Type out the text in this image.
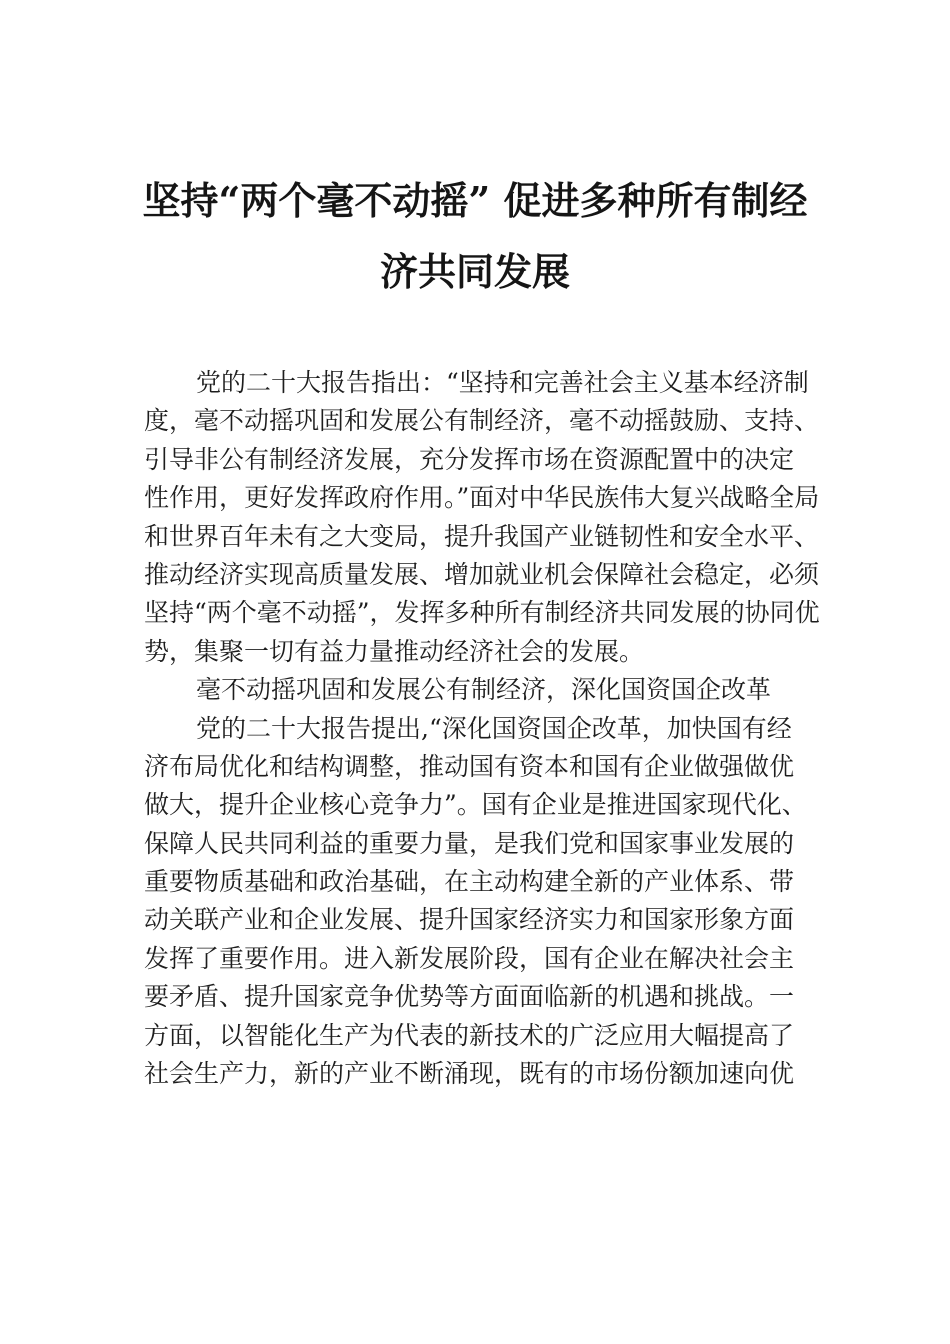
坚持“两个毫不动摇” 促进多种所有制经
济共同发展
党的二十大报告指出：“坚持和完善社会主义基本经济制
度，毫不动摇巩固和发展公有制经济，毫不动摇鼓励、支持、
引导非公有制经济发展，充分发挥市场在资源配置中的决定
性作用，更好发挥政府作用。”面对中华民族伟大复兴战略全局
和世界百年未有之大变局，提升我国产业链韧性和安全水平、
推动经济实现高质量发展、增加就业机会保障社会稳定，必须
坚持“两个毫不动摇”，发挥多种所有制经济共同发展的协同优
势，集聚一切有益力量推动经济社会的发展。
毫不动摇巩固和发展公有制经济，深化国资国企改革
党的二十大报告提出,“深化国资国企改革，加快国有经
济布局优化和结构调整，推动国有资本和国有企业做强做优
做大，提升企业核心竞争力”。国有企业是推进国家现代化、
保障人民共同利益的重要力量，是我们党和国家事业发展的
重要物质基础和政治基础，在主动构建全新的产业体系、带
动关联产业和企业发展、提升国家经济实力和国家形象方面
发挥了重要作用。进入新发展阶段，国有企业在解决社会主
要矛盾、提升国家竞争优势等方面面临新的机遇和挑战。一
方面，以智能化生产为代表的新技术的广泛应用大幅提高了
社会生产力，新的产业不断涌现，既有的市场份额加速向优
